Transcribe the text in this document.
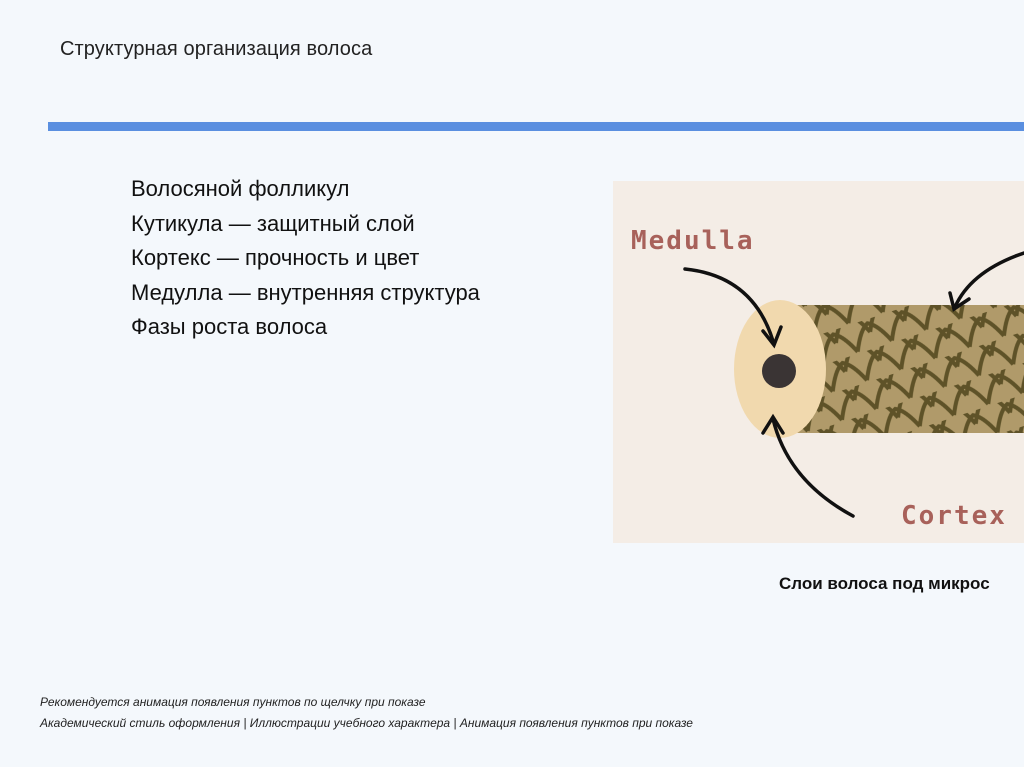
Структурная организация волоса
Волосяной фолликул
Кутикула — защитный слой
Кортекс — прочность и цвет
Медулла — внутренняя структура
Фазы роста волоса
Medulla
Cortex
Слои волоса под микрос
Рекомендуется анимация появления пунктов по щелчку при показе
Академический стиль оформления | Иллюстрации учебного характера | Анимация появления пунктов при показе
